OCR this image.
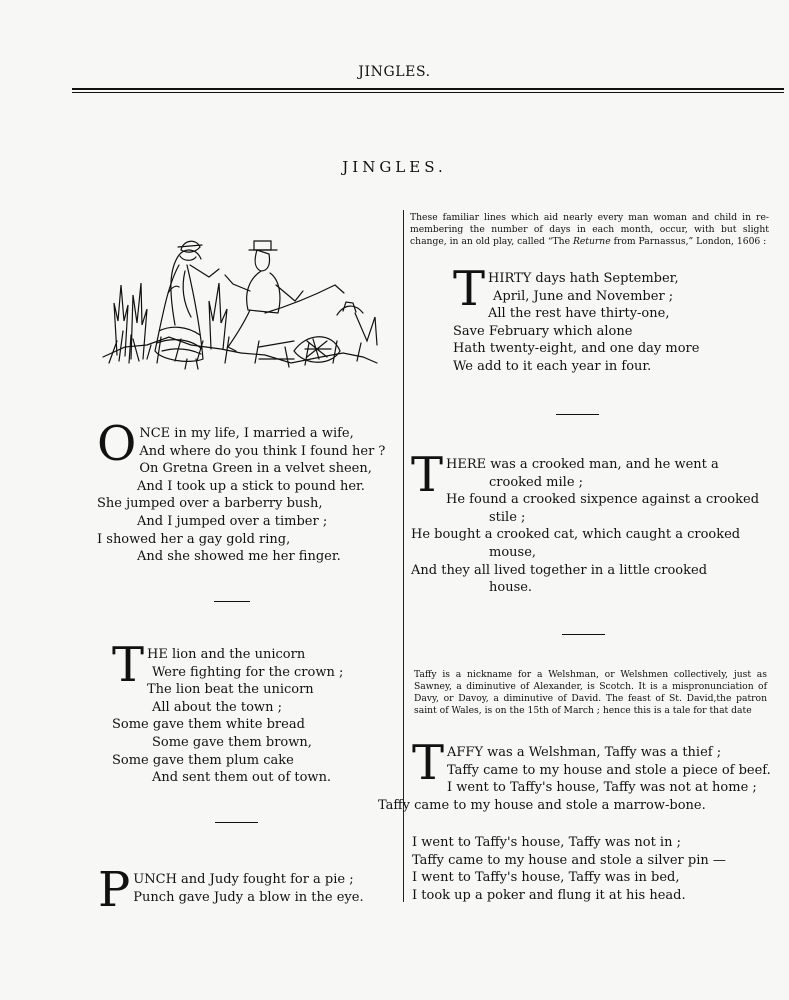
JINGLES.
JINGLES.
O NCE in my life, I married a wife,
And where do you think I found her ?
On Gretna Green in a velvet sheen,
And I took up a stick to pound her.
She jumped over a barberry bush,
And I jumped over a timber ;
I showed her a gay gold ring,
And she showed me her finger.
T HE lion and the unicorn
Were fighting for the crown ;
The lion beat the unicorn
All about the town ;
Some gave them white bread
Some gave them brown,
Some gave them plum cake
And sent them out of town.
P UNCH and Judy fought for a pie ;
Punch gave Judy a blow in the eye.
These familiar lines which aid nearly every man woman and child in re-membering the number of days in each month, occur, with but slight change, in an old play, called “The Returne from Parnassus,” London, 1606 :
T HIRTY days hath September,
April, June and November ;
All the rest have thirty-one,
Save February which alone
Hath twenty-eight, and one day more
We add to it each year in four.
T HERE was a crooked man, and he went a
crooked mile ;
He found a crooked sixpence against a crooked
stile ;
He bought a crooked cat, which caught a crooked
mouse,
And they all lived together in a little crooked
house.
Taffy is a nickname for a Welshman, or Welshmen collectively, just as Sawney, a diminutive of Alexander, is Scotch. It is a mispronunciation of Davy, or Davoy, a diminutive of David. The feast of St. David,the patron saint of Wales, is on the 15th of March ; hence this is a tale for that date
T AFFY was a Welshman, Taffy was a thief ;
Taffy came to my house and stole a piece of beef.
I went to Taffy's house, Taffy was not at home ;
Taffy came to my house and stole a marrow-bone.
I went to Taffy's house, Taffy was not in ;
Taffy came to my house and stole a silver pin —
I went to Taffy's house, Taffy was in bed,
I took up a poker and flung it at his head.
